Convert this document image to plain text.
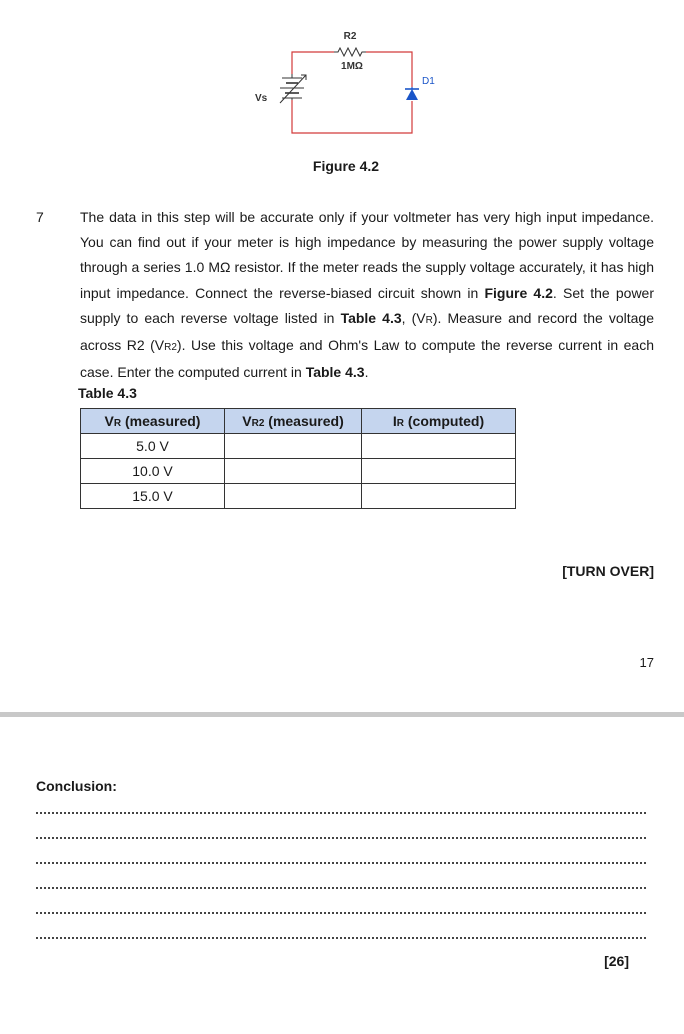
R2
1MΩ
D1
Vs
Figure 4.2
7	The data in this step will be accurate only if your voltmeter has very high input impedance. You can find out if your meter is high impedance by measuring the power supply voltage through a series 1.0 MΩ resistor. If the meter reads the supply voltage accurately, it has high input impedance. Connect the reverse-biased circuit shown in Figure 4.2. Set the power supply to each reverse voltage listed in Table 4.3, (VR). Measure and record the voltage across R2 (VR2). Use this voltage and Ohm's Law to compute the reverse current in each case. Enter the computed current in Table 4.3.

Table 4.3
VR (measured)	VR2 (measured)	IR (computed)
5.0 V		
10.0 V		
15.0 V		
[TURN OVER]
17
Conclusion:
[26]
